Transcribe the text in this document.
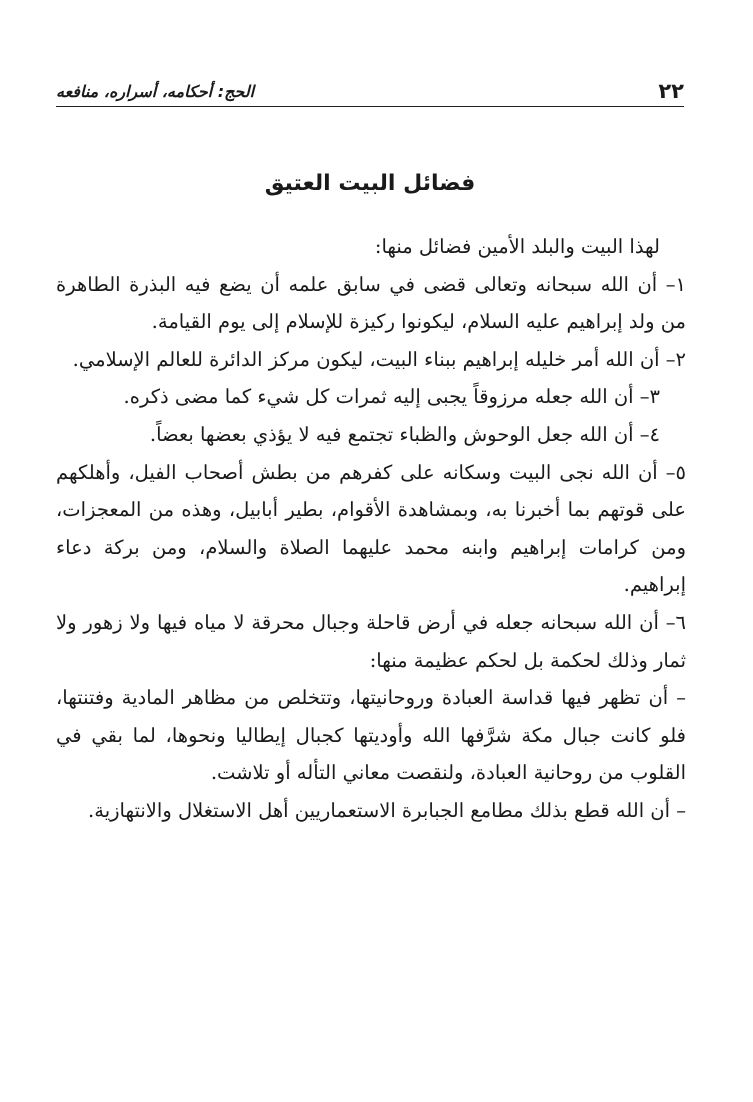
٢٢
الحج: أحكامه، أسراره، منافعه
فضائل البيت العتيق

لهذا البيت والبلد الأمين فضائل منها:

١– أن الله سبحانه وتعالى قضى في سابق علمه أن يضع فيه البذرة الطاهرة من ولد إبراهيم عليه السلام، ليكونوا ركيزة للإسلام إلى يوم القيامة.

٢– أن الله أمر خليله إبراهيم ببناء البيت، ليكون مركز الدائرة للعالم الإسلامي.

٣– أن الله جعله مرزوقاً يجبى إليه ثمرات كل شيء كما مضى ذكره.

٤– أن الله جعل الوحوش والظباء تجتمع فيه لا يؤذي بعضها بعضاً.

٥– أن الله نجى البيت وسكانه على كفرهم من بطش أصحاب الفيل، وأهلكهم على قوتهم بما أخبرنا به، وبمشاهدة الأقوام، بطير أبابيل، وهذه من المعجزات، ومن كرامات إبراهيم وابنه محمد عليهما الصلاة والسلام، ومن بركة دعاء إبراهيم.

٦– أن الله سبحانه جعله في أرض قاحلة وجبال محرقة لا مياه فيها ولا زهور ولا ثمار وذلك لحكمة بل لحكم عظيمة منها:

– أن تظهر فيها قداسة العبادة وروحانيتها، وتتخلص من مظاهر المادية وفتنتها، فلو كانت جبال مكة شرَّفها الله وأوديتها كجبال إيطاليا ونحوها، لما بقي في القلوب من روحانية العبادة، ولنقصت معاني التأله أو تلاشت.

– أن الله قطع بذلك مطامع الجبابرة الاستعماريين أهل الاستغلال والانتهازية.
